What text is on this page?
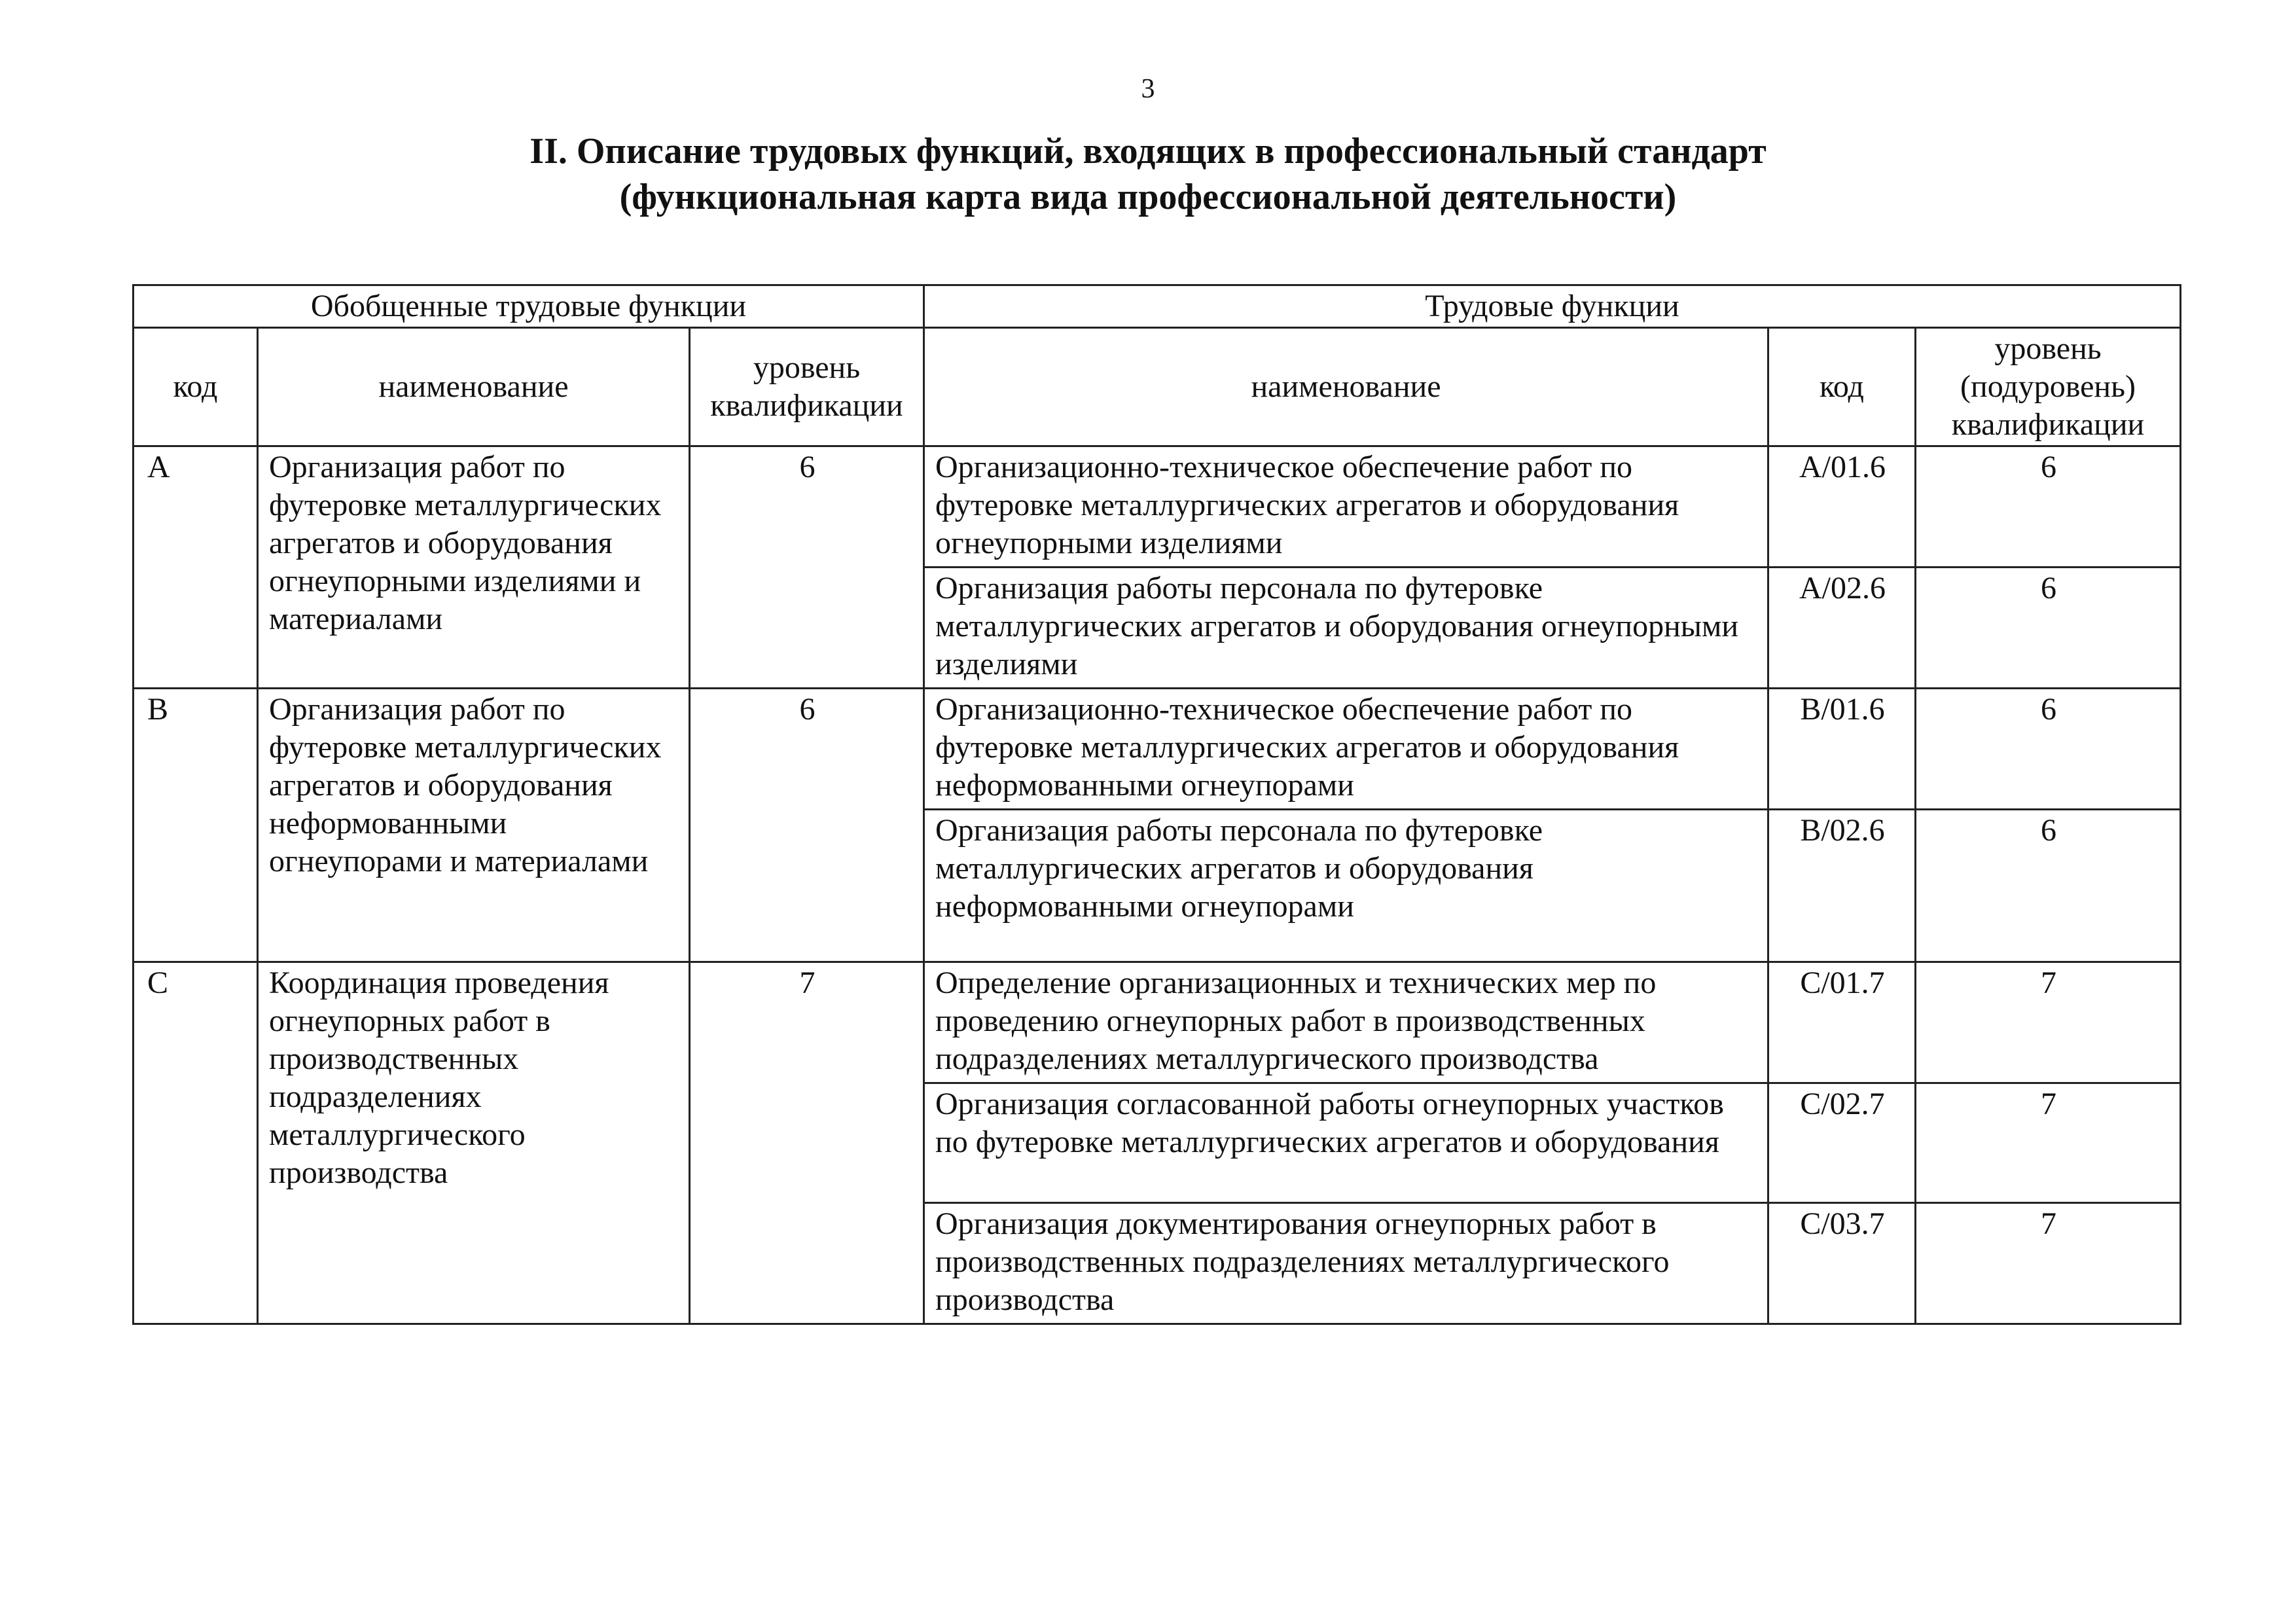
3
II. Описание трудовых функций, входящих в профессиональный стандарт
(функциональная карта вида профессиональной деятельности)
Обобщенные трудовые функции			Трудовые функции		
код	наименование	уровень квалификации	наименование	код	уровень (подуровень) квалификации
A	Организация работ по футеровке металлургических агрегатов и оборудования огнеупорными изделиями и материалами	6	Организационно-техническое обеспечение работ по футеровке металлургических агрегатов и оборудования огнеупорными изделиями	A/01.6	6
			Организация работы персонала по футеровке металлургических агрегатов и оборудования огнеупорными изделиями	A/02.6	6
B	Организация работ по футеровке металлургических агрегатов и оборудования неформованными огнеупорами и материалами	6	Организационно-техническое обеспечение работ по футеровке металлургических агрегатов и оборудования неформованными огнеупорами	B/01.6	6
			Организация работы персонала по футеровке металлургических агрегатов и оборудования неформованными огнеупорами	B/02.6	6
C	Координация проведения огнеупорных работ в производственных подразделениях металлургического производства	7	Определение организационных и технических мер по проведению огнеупорных работ в производственных подразделениях металлургического производства	C/01.7	7
			Организация согласованной работы огнеупорных участков по футеровке металлургических агрегатов и оборудования	C/02.7	7
			Организация документирования огнеупорных работ в производственных подразделениях металлургического производства	C/03.7	7
